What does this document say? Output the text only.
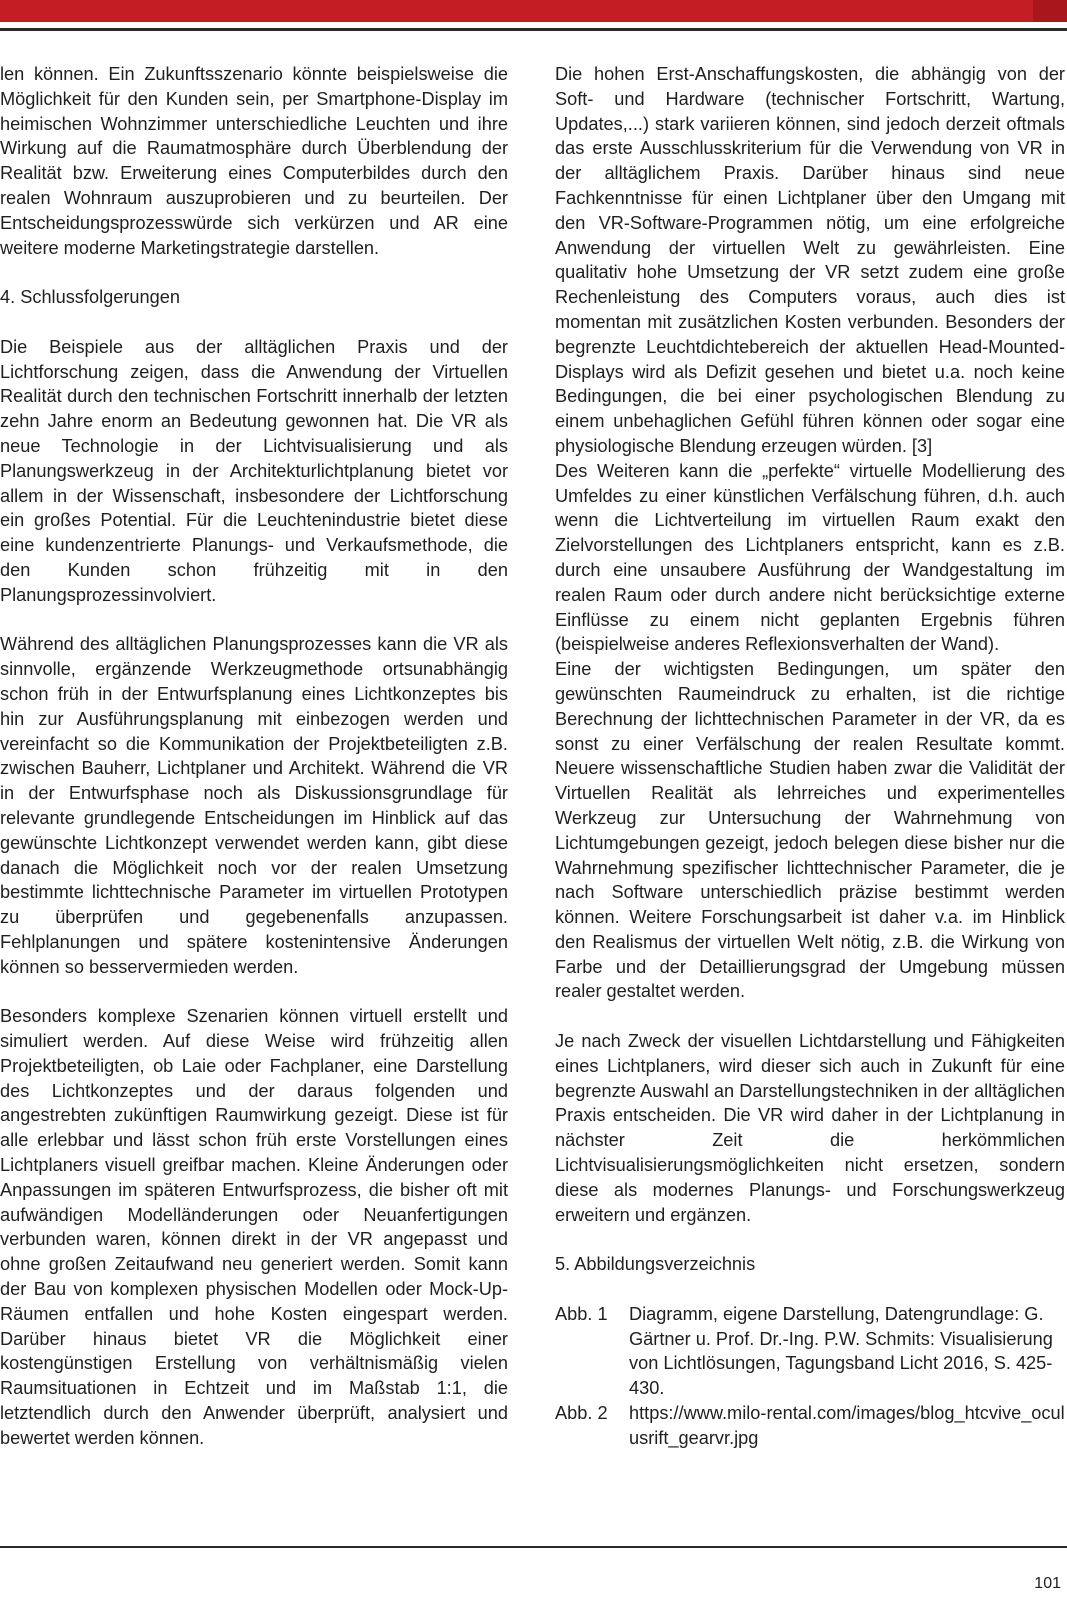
len können. Ein Zukunftsszenario könnte beispielsweise die Möglichkeit für den Kunden sein, per Smartphone-Display im heimischen Wohnzimmer unterschiedliche Leuchten und ihre Wirkung auf die Raumatmosphäre durch Überblendung der Realität bzw. Erweiterung eines Computerbildes durch den realen Wohnraum auszuprobieren und zu beurteilen. Der Entscheidungsprozesswürde sich verkürzen und AR eine weitere moderne Marketingstrategie darstellen.

4. Schlussfolgerungen

Die Beispiele aus der alltäglichen Praxis und der Lichtforschung zeigen, dass die Anwendung der Virtuellen Realität durch den technischen Fortschritt innerhalb der letzten zehn Jahre enorm an Bedeutung gewonnen hat. Die VR als neue Technologie in der Lichtvisualisierung und als Planungswerkzeug in der Architekturlichtplanung bietet vor allem in der Wissenschaft, insbesondere der Lichtforschung ein großes Potential. Für die Leuchtenindustrie bietet diese eine kundenzentrierte Planungs- und Verkaufsmethode, die den Kunden schon frühzeitig mit in den Planungsprozessinvolviert.

Während des alltäglichen Planungsprozesses kann die VR als sinnvolle, ergänzende Werkzeugmethode ortsunabhängig schon früh in der Entwurfsplanung eines Lichtkonzeptes bis hin zur Ausführungsplanung mit einbezogen werden und vereinfacht so die Kommunikation der Projektbeteiligten z.B. zwischen Bauherr, Lichtplaner und Architekt. Während die VR in der Entwurfsphase noch als Diskussionsgrundlage für relevante grundlegende Entscheidungen im Hinblick auf das gewünschte Lichtkonzept verwendet werden kann, gibt diese danach die Möglichkeit noch vor der realen Umsetzung bestimmte lichttechnische Parameter im virtuellen Prototypen zu überprüfen und gegebenenfalls anzupassen. Fehlplanungen und spätere kostenintensive Änderungen können so besservermieden werden.

Besonders komplexe Szenarien können virtuell erstellt und simuliert werden. Auf diese Weise wird frühzeitig allen Projektbeteiligten, ob Laie oder Fachplaner, eine Darstellung des Lichtkonzeptes und der daraus folgenden und angestrebten zukünftigen Raumwirkung gezeigt. Diese ist für alle erlebbar und lässt schon früh erste Vorstellungen eines Lichtplaners visuell greifbar machen. Kleine Änderungen oder Anpassungen im späteren Entwurfsprozess, die bisher oft mit aufwändigen Modelländerungen oder Neuanfertigungen verbunden waren, können direkt in der VR angepasst und ohne großen Zeitaufwand neu generiert werden. Somit kann der Bau von komplexen physischen Modellen oder Mock-Up-Räumen entfallen und hohe Kosten eingespart werden. Darüber hinaus bietet VR die Möglichkeit einer kostengünstigen Erstellung von verhältnismäßig vielen Raumsituationen in Echtzeit und im Maßstab 1:1, die letztendlich durch den Anwender überprüft, analysiert und bewertet werden können.

Die hohen Erst-Anschaffungskosten, die abhängig von der Soft- und Hardware (technischer Fortschritt, Wartung, Updates,...) stark variieren können, sind jedoch derzeit oftmals das erste Ausschlusskriterium für die Verwendung von VR in der alltäglichem Praxis. Darüber hinaus sind neue Fachkenntnisse für einen Lichtplaner über den Umgang mit den VR-Software-Programmen nötig, um eine erfolgreiche Anwendung der virtuellen Welt zu gewährleisten. Eine qualitativ hohe Umsetzung der VR setzt zudem eine große Rechenleistung des Computers voraus, auch dies ist momentan mit zusätzlichen Kosten verbunden. Besonders der begrenzte Leuchtdichtebereich der aktuellen Head-Mounted-Displays wird als Defizit gesehen und bietet u.a. noch keine Bedingungen, die bei einer psychologischen Blendung zu einem unbehaglichen Gefühl führen können oder sogar eine physiologische Blendung erzeugen würden. [3]

Des Weiteren kann die „perfekte“ virtuelle Modellierung des Umfeldes zu einer künstlichen Verfälschung führen, d.h. auch wenn die Lichtverteilung im virtuellen Raum exakt den Zielvorstellungen des Lichtplaners entspricht, kann es z.B. durch eine unsaubere Ausführung der Wandgestaltung im realen Raum oder durch andere nicht berücksichtige externe Einflüsse zu einem nicht geplanten Ergebnis führen (beispielweise anderes Reflexionsverhalten der Wand).

Eine der wichtigsten Bedingungen, um später den gewünschten Raumeindruck zu erhalten, ist die richtige Berechnung der lichttechnischen Parameter in der VR, da es sonst zu einer Verfälschung der realen Resultate kommt. Neuere wissenschaftliche Studien haben zwar die Validität der Virtuellen Realität als lehrreiches und experimentelles Werkzeug zur Untersuchung der Wahrnehmung von Lichtumgebungen gezeigt, jedoch belegen diese bisher nur die Wahrnehmung spezifischer lichttechnischer Parameter, die je nach Software unterschiedlich präzise bestimmt werden können. Weitere Forschungsarbeit ist daher v.a. im Hinblick den Realismus der virtuellen Welt nötig, z.B. die Wirkung von Farbe und der Detaillierungsgrad der Umgebung müssen realer gestaltet werden.

Je nach Zweck der visuellen Lichtdarstellung und Fähigkeiten eines Lichtplaners, wird dieser sich auch in Zukunft für eine begrenzte Auswahl an Darstellungstechniken in der alltäglichen Praxis entscheiden. Die VR wird daher in der Lichtplanung in nächster Zeit die herkömmlichen Lichtvisualisierungsmöglichkeiten nicht ersetzen, sondern diese als modernes Planungs- und Forschungswerkzeug erweitern und ergänzen.

5. Abbildungsverzeichnis
Abb. 1	Diagramm, eigene Darstellung, Datengrundlage: G. Gärtner u. Prof. Dr.-Ing. P.W. Schmits: Visualisierung von Lichtlösungen, Tagungsband Licht 2016, S. 425-430.
Abb. 2	https://www.milo-rental.com/images/blog_htcvive_oculusrift_gearvr.jpg
101
